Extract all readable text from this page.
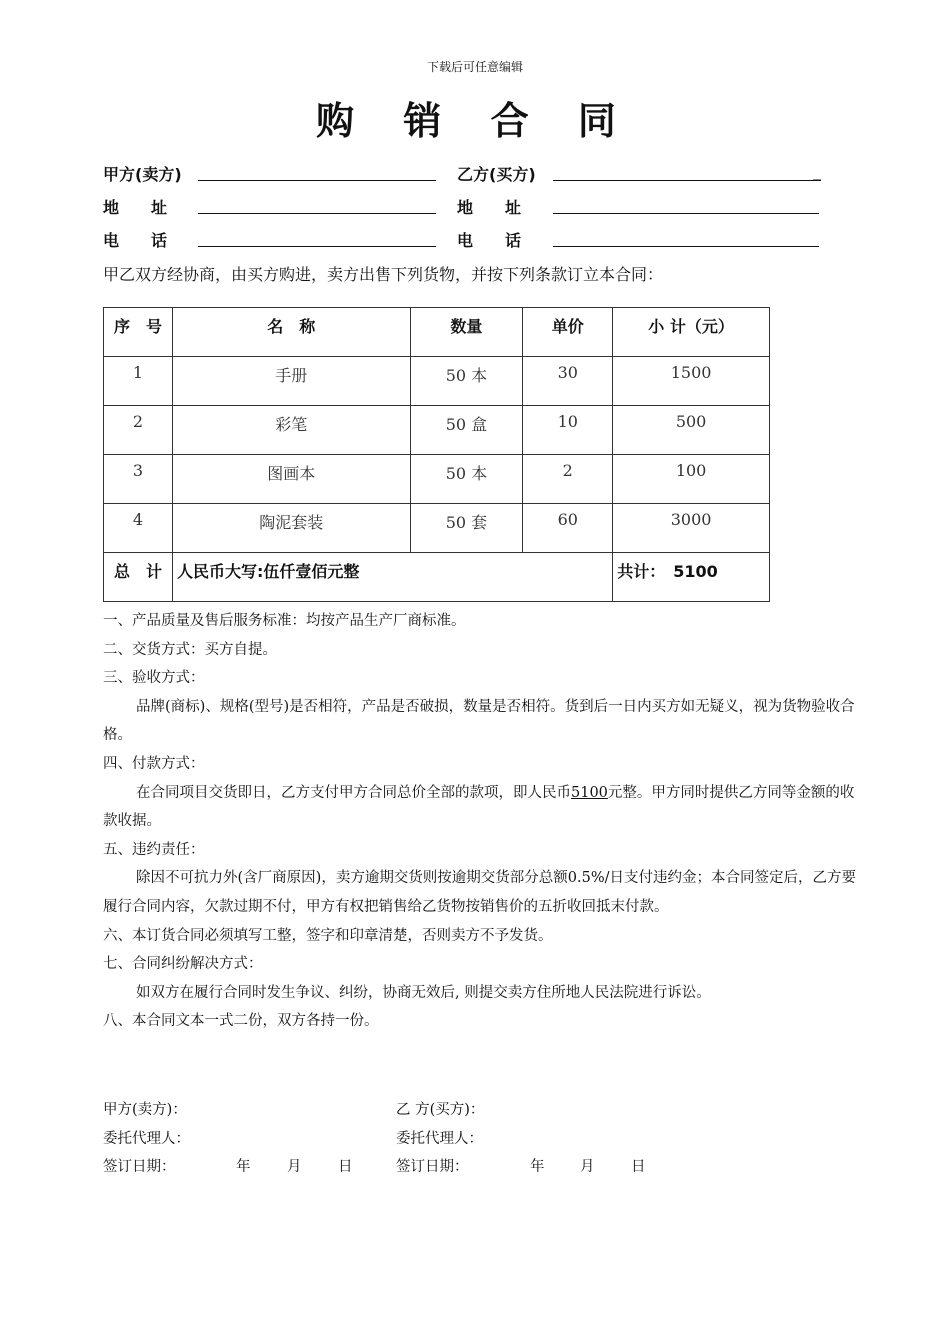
下载后可任意编辑
购 销 合 同
甲方(卖方)	乙方(买方)	_
地　　址	地　　址
电　　话	电　　话
甲乙双方经协商，由买方购进，卖方出售下列货物，并按下列条款订立本合同：
序　号	名　称	数量	单价	小 计（元）
1	手册	50 本	30	1500
2	彩笔	50 盒	10	500
3	图画本	50 本	2	100
4	陶泥套装	50 套	60	3000
总　计	人民币大写:伍仟壹佰元整			共计：　5100

一、产品质量及售后服务标准：均按产品生产厂商标准。

二、交货方式：买方自提。

三、验收方式：

品牌(商标)、规格(型号)是否相符，产品是否破损，数量是否相符。货到后一日内买方如无疑义，视为货物验收合格。

四、付款方式：

在合同项目交货即日，乙方支付甲方合同总价全部的款项，即人民币5100元整。甲方同时提供乙方同等金额的收款收据。

五、违约责任：

除因不可抗力外(含厂商原因)，卖方逾期交货则按逾期交货部分总额0.5%/日支付违约金；本合同签定后，乙方要履行合同内容，欠款过期不付，甲方有权把销售给乙货物按销售价的五折收回抵末付款。

六、本订货合同必须填写工整，签字和印章清楚，否则卖方不予发货。

七、合同纠纷解决方式：

如双方在履行合同时发生争议、纠纷，协商无效后, 则提交卖方住所地人民法院进行诉讼。

八、本合同文本一式二份，双方各持一份。

甲方(卖方)：	乙 方(买方)：
委托代理人：	委托代理人：
签订日期：	年	月	日	签订日期：	年 月	日
